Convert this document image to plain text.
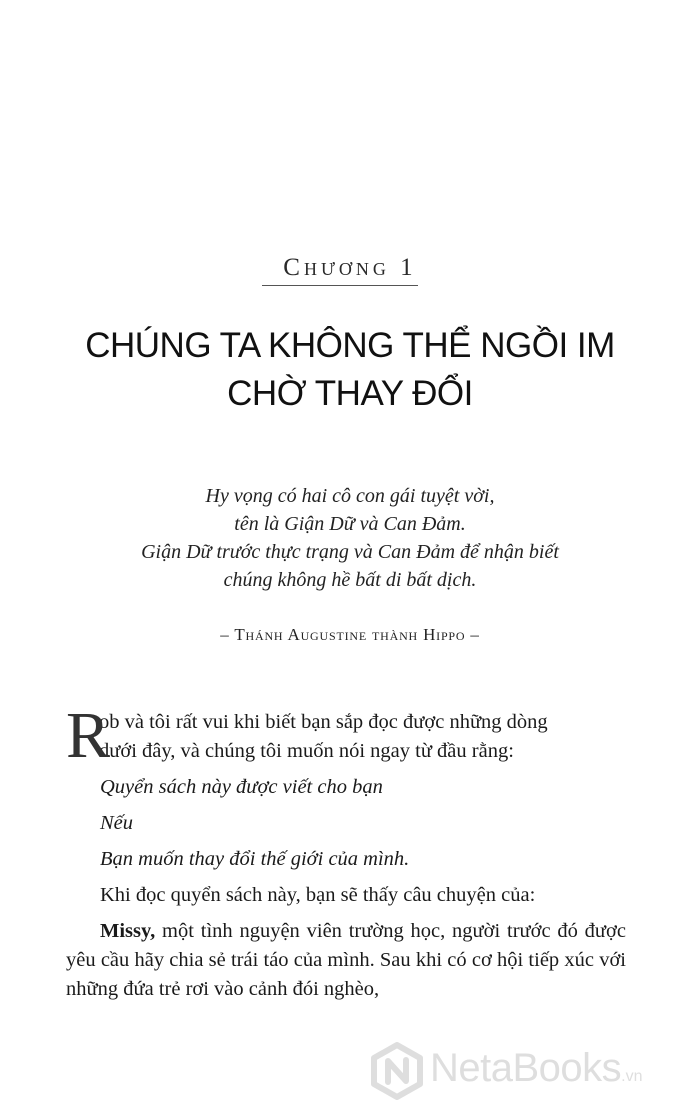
Chương 1
CHÚNG TA KHÔNG THỂ NGỒI IM
CHỜ THAY ĐỔI
Hy vọng có hai cô con gái tuyệt vời,
tên là Giận Dữ và Can Đảm.
Giận Dữ trước thực trạng và Can Đảm để nhận biết
chúng không hề bất di bất dịch.
– Thánh Augustine thành Hippo –

R
ob và tôi rất vui khi biết bạn sắp đọc được những dòng
dưới đây, và chúng tôi muốn nói ngay từ đầu rằng:

Quyển sách này được viết cho bạn

Nếu

Bạn muốn thay đổi thế giới của mình.

Khi đọc quyển sách này, bạn sẽ thấy câu chuyện của:

Missy, một tình nguyện viên trường học, người trước đó được yêu cầu hãy chia sẻ trái táo của mình. Sau khi có cơ hội tiếp xúc với những đứa trẻ rơi vào cảnh đói nghèo,

NetaBooks.vn
